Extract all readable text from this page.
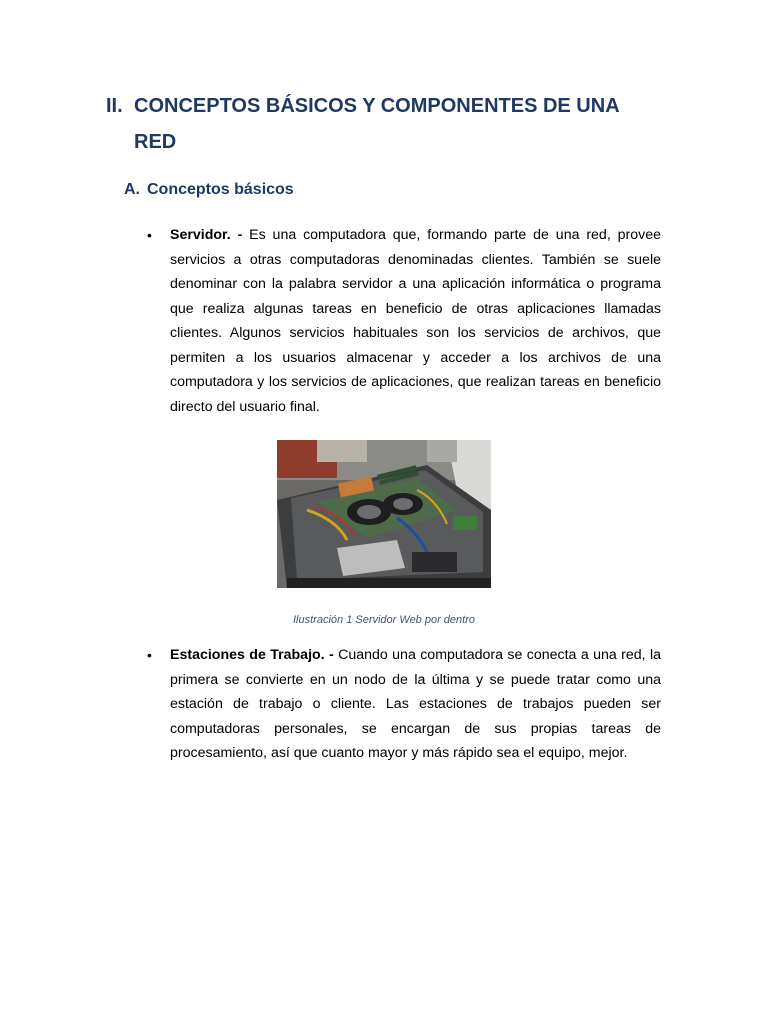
II. CONCEPTOS BÁSICOS Y COMPONENTES DE UNA RED
A. Conceptos básicos
• Servidor. - Es una computadora que, formando parte de una red, provee servicios a otras computadoras denominadas clientes. También se suele denominar con la palabra servidor a una aplicación informática o programa que realiza algunas tareas en beneficio de otras aplicaciones llamadas clientes. Algunos servicios habituales son los servicios de archivos, que permiten a los usuarios almacenar y acceder a los archivos de una computadora y los servicios de aplicaciones, que realizan tareas en beneficio directo del usuario final.
Ilustración 1 Servidor Web por dentro
• Estaciones de Trabajo. - Cuando una computadora se conecta a una red, la primera se convierte en un nodo de la última y se puede tratar como una estación de trabajo o cliente. Las estaciones de trabajos pueden ser computadoras personales, se encargan de sus propias tareas de procesamiento, así que cuanto mayor y más rápido sea el equipo, mejor.
